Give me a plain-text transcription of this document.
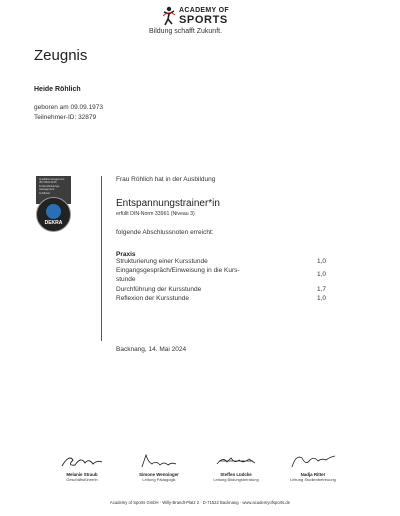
ACADEMY OF
SPORTS
Bildung schafft Zukunft.
Zeugnis
Heide Röhlich
geboren am 09.09.1973
Teilnehmer-ID: 32879
Qualitätsmanagement
ISO 9001:2015
& Dienstleistungs-
management
zertifiziert
DEKRA
Frau Röhlich hat in der Ausbildung
Entspannungstrainer*in
erfüllt DIN-Norm 33961 (Niveau 3)
folgende Abschlussnoten erreicht:
Praxis
Strukturierung einer Kursstunde	1,0
Eingangsgespräch/Einweisung in die Kurs-
stunde
1,0
Durchführung der Kursstunde	1,7
Reflexion der Kursstunde	1,0
Backnang, 14. Mai 2024
Melanie Straub
Geschäftsführerin
Simone Wenninger
Leitung Pädagogik
Steffen Lüdcke
Leitung Bildungsberatung
Nadja Ritter
Leitung Studienbetreuung
Academy of Sports GmbH · Willy-Brandt-Platz 2 · D-71522 Backnang · www.academyofsports.de
